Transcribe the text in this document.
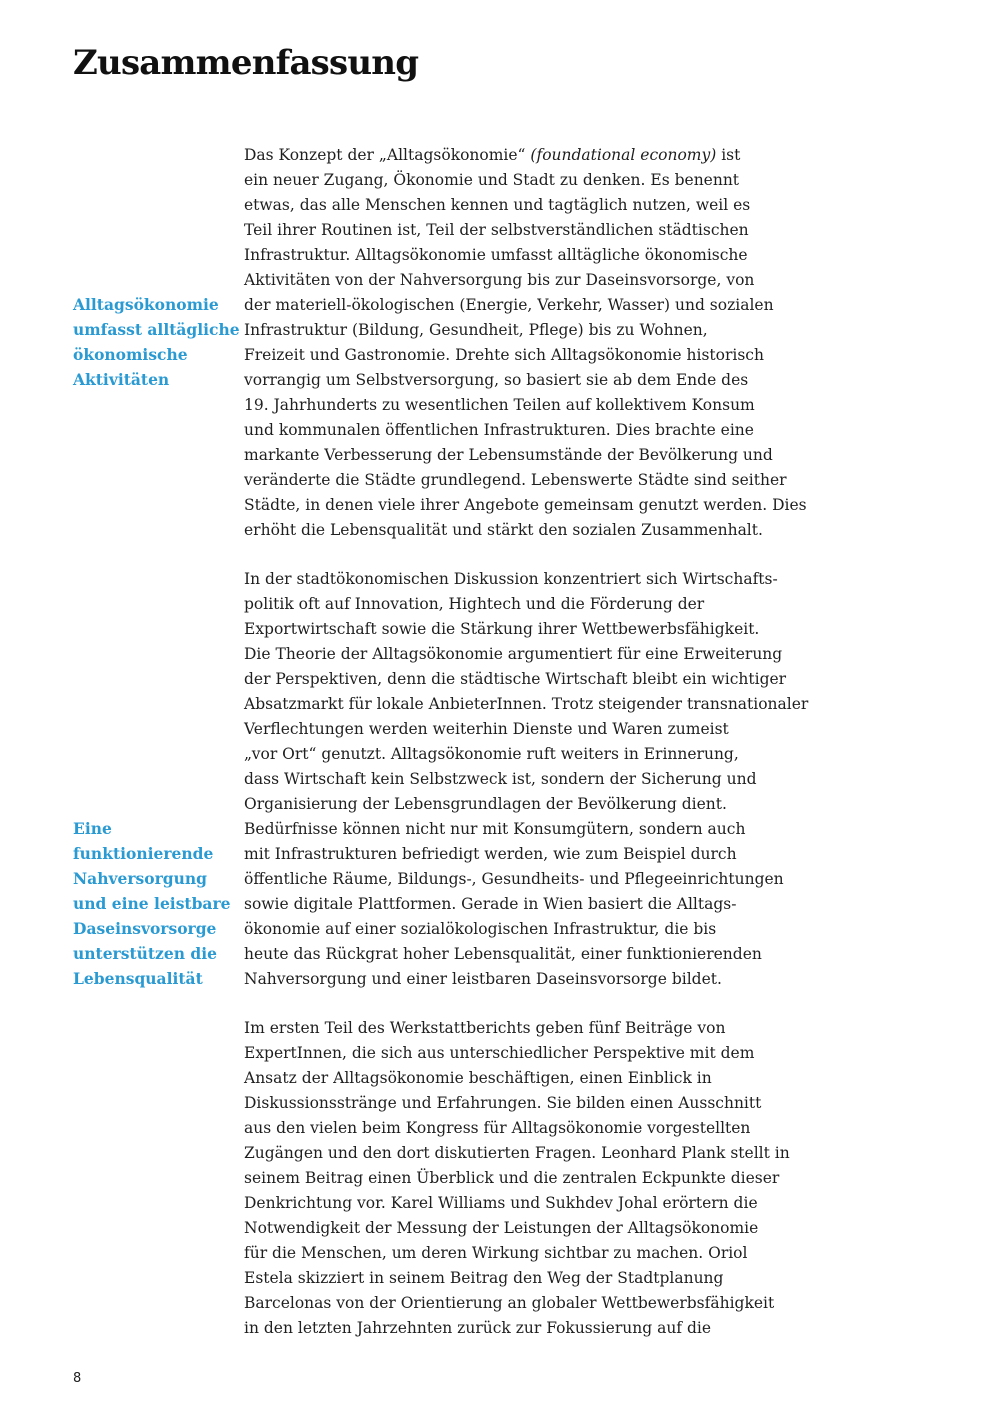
Zusammenfassung
Alltagsökonomie
umfasst alltägliche
ökonomische
Aktivitäten
Eine
funktionierende
Nahversorgung
und eine leistbare
Daseinsvorsorge
unterstützen die
Lebensqualität
Das Konzept der „Alltagsökonomie“ (foundational economy) ist
ein neuer Zugang, Ökonomie und Stadt zu denken. Es benennt
etwas, das alle Menschen kennen und tagtäglich nutzen, weil es
Teil ihrer Routinen ist, Teil der selbstverständlichen städtischen
Infrastruktur. Alltagsökonomie umfasst alltägliche ökonomische
Aktivitäten von der Nahversorgung bis zur Daseinsvorsorge, von
der materiell-ökologischen (Energie, Verkehr, Wasser) und sozialen
Infrastruktur (Bildung, Gesundheit, Pflege) bis zu Wohnen,
Freizeit und Gastronomie. Drehte sich Alltagsökonomie historisch
vorrangig um Selbstversorgung, so basiert sie ab dem Ende des
19. Jahrhunderts zu wesentlichen Teilen auf kollektivem Konsum
und kommunalen öffentlichen Infrastrukturen. Dies brachte eine
markante Verbesserung der Lebensumstände der Bevölkerung und
veränderte die Städte grundlegend. Lebenswerte Städte sind seither
Städte, in denen viele ihrer Angebote gemeinsam genutzt werden. Dies
erhöht die Lebensqualität und stärkt den sozialen Zusammenhalt.
In der stadtökonomischen Diskussion konzentriert sich Wirtschafts-
politik oft auf Innovation, Hightech und die Förderung der
Exportwirtschaft sowie die Stärkung ihrer Wettbewerbsfähigkeit.
Die Theorie der Alltagsökonomie argumentiert für eine Erweiterung
der Perspektiven, denn die städtische Wirtschaft bleibt ein wichtiger
Absatzmarkt für lokale AnbieterInnen. Trotz steigender transnationaler
Verflechtungen werden weiterhin Dienste und Waren zumeist
„vor Ort“ genutzt. Alltagsökonomie ruft weiters in Erinnerung,
dass Wirtschaft kein Selbstzweck ist, sondern der Sicherung und
Organisierung der Lebensgrundlagen der Bevölkerung dient.
Bedürfnisse können nicht nur mit Konsumgütern, sondern auch
mit Infrastrukturen befriedigt werden, wie zum Beispiel durch
öffentliche Räume, Bildungs-, Gesundheits- und Pflegeeinrichtungen
sowie digitale Plattformen. Gerade in Wien basiert die Alltags-
ökonomie auf einer sozialökologischen Infrastruktur, die bis
heute das Rückgrat hoher Lebensqualität, einer funktionierenden
Nahversorgung und einer leistbaren Daseinsvorsorge bildet.
Im ersten Teil des Werkstattberichts geben fünf Beiträge von
ExpertInnen, die sich aus unterschiedlicher Perspektive mit dem
Ansatz der Alltagsökonomie beschäftigen, einen Einblick in
Diskussionsstränge und Erfahrungen. Sie bilden einen Ausschnitt
aus den vielen beim Kongress für Alltagsökonomie vorgestellten
Zugängen und den dort diskutierten Fragen. Leonhard Plank stellt in
seinem Beitrag einen Überblick und die zentralen Eckpunkte dieser
Denkrichtung vor. Karel Williams und Sukhdev Johal erörtern die
Notwendigkeit der Messung der Leistungen der Alltagsökonomie
für die Menschen, um deren Wirkung sichtbar zu machen. Oriol
Estela skizziert in seinem Beitrag den Weg der Stadtplanung
Barcelonas von der Orientierung an globaler Wettbewerbsfähigkeit
in den letzten Jahrzehnten zurück zur Fokussierung auf die
8
